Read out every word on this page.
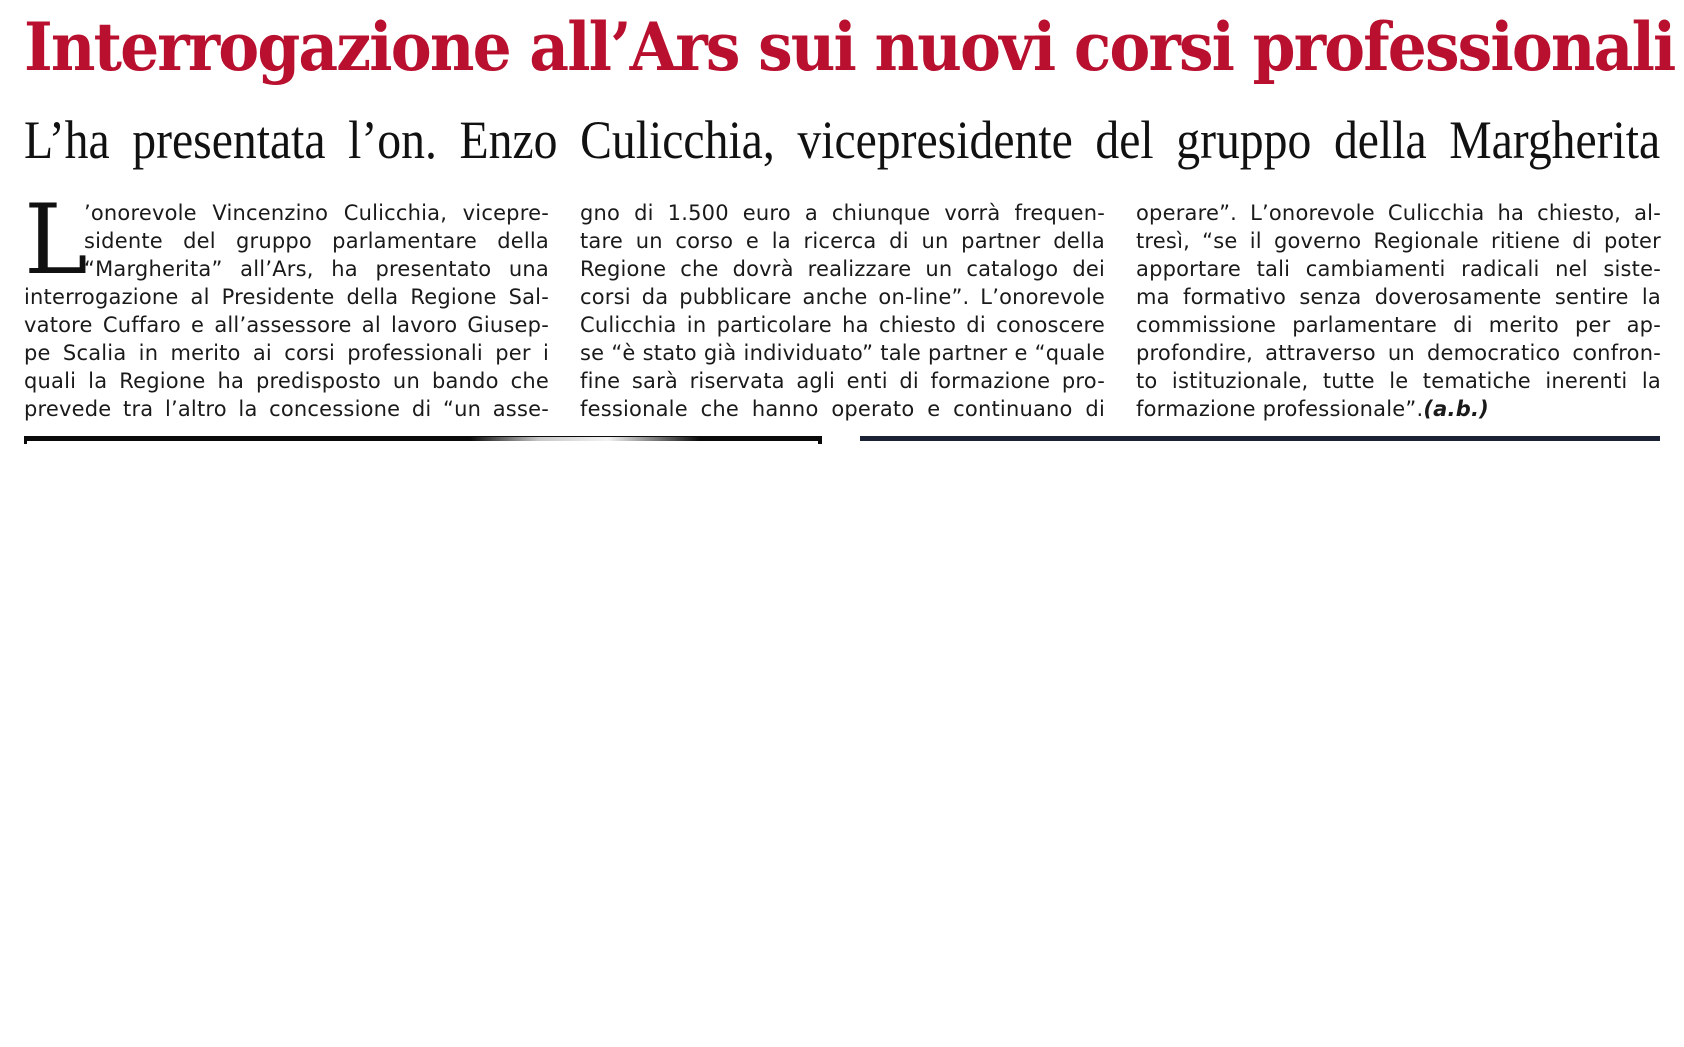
Interrogazione all’Ars sui nuovi corsi professionali
L’ha presentata l’on. Enzo Culicchia, vicepresidente del gruppo della Margherita
L
’onorevole Vincenzino Culicchia, vicepre-
sidente del gruppo parlamentare della
“Margherita” all’Ars, ha presentato una
interrogazione al Presidente della Regione Sal-
vatore Cuffaro e all’assessore al lavoro Giusep-
pe Scalia in merito ai corsi professionali per i
quali la Regione ha predisposto un bando che
prevede tra l’altro la concessione di “un asse-
gno di 1.500 euro a chiunque vorrà frequen-
tare un corso e la ricerca di un partner della
Regione che dovrà realizzare un catalogo dei
corsi da pubblicare anche on-line”. L’onorevole
Culicchia in particolare ha chiesto di conoscere
se “è stato già individuato” tale partner e “quale
fine sarà riservata agli enti di formazione pro-
fessionale che hanno operato e continuano di
operare”. L’onorevole Culicchia ha chiesto, al-
tresì, “se il governo Regionale ritiene di poter
apportare tali cambiamenti radicali nel siste-
ma formativo senza doverosamente sentire la
commissione parlamentare di merito per ap-
profondire, attraverso un democratico confron-
to istituzionale, tutte le tematiche inerenti la
formazione professionale”.(a.b.)
